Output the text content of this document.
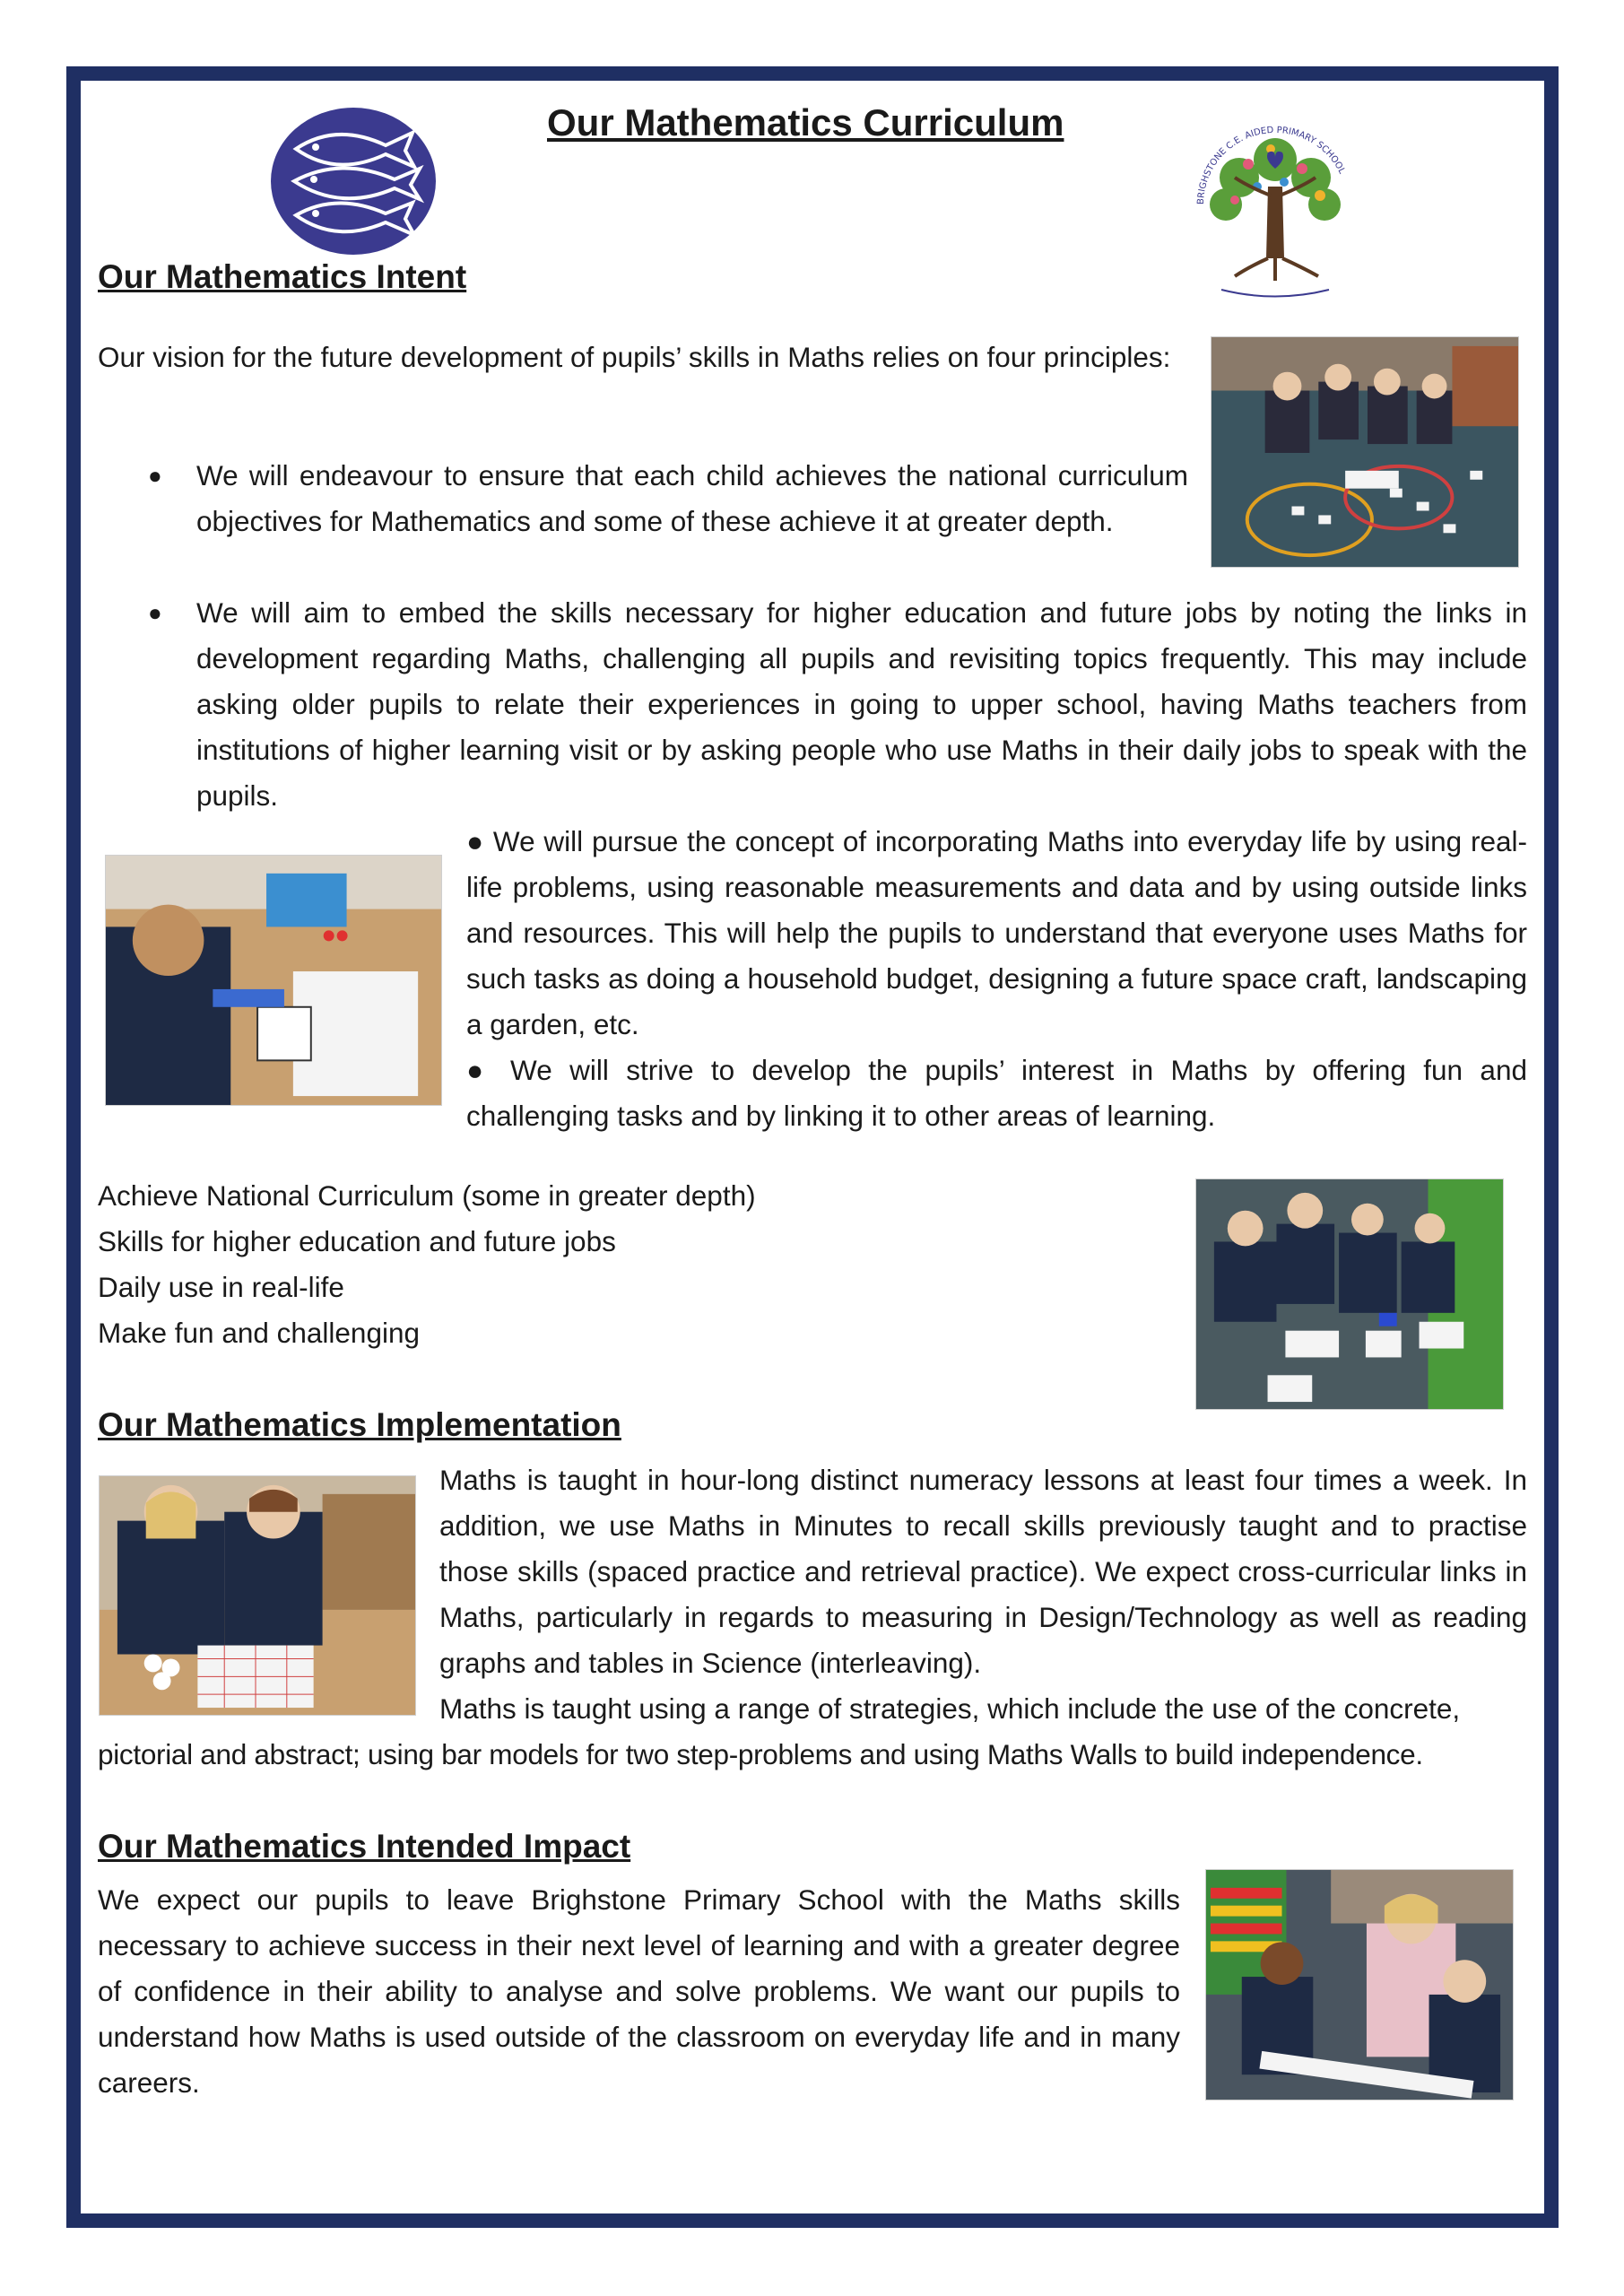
Our Mathematics Curriculum
BRIGHSTONE C.E. AIDED PRIMARY SCHOOL
Our Mathematics Intent
Our vision for the future development of pupils’ skills in Maths relies on four principles:
● We will endeavour to ensure that each child achieves the national curriculum objectives for Mathematics and some of these achieve it at greater depth.
● We will aim to embed the skills necessary for higher education and future jobs by noting the links in development regarding Maths, challenging all pupils and revisiting topics frequently. This may include asking older pupils to relate their experiences in going to upper school, having Maths teachers from institutions of higher learning visit or by asking people who use Maths in their daily jobs to speak with the pupils.
● We will pursue the concept of incorporating Maths into everyday life by using real-life problems, using reasonable measurements and data and by using outside links and resources. This will help the pupils to understand that everyone uses Maths for such tasks as doing a household budget, designing a future space craft, landscaping a garden, etc.
● We will strive to develop the pupils’ interest in Maths by offering fun and challenging tasks and by linking it to other areas of learning.
Achieve National Curriculum (some in greater depth)
Skills for higher education and future jobs
Daily use in real-life
Make fun and challenging
Our Mathematics Implementation
Maths is taught in hour-long distinct numeracy lessons at least four times a week. In addition, we use Maths in Minutes to recall skills previously taught and to practise those skills (spaced practice and retrieval practice). We expect cross-curricular links in Maths, particularly in regards to measuring in Design/Technology as well as reading graphs and tables in Science (interleaving).
Maths is taught using a range of strategies, which include the use of the concrete,
pictorial and abstract; using bar models for two step-problems and using Maths Walls to build independence.
Our Mathematics Intended Impact
We expect our pupils to leave Brighstone Primary School with the Maths skills necessary to achieve success in their next level of learning and with a greater degree of confidence in their ability to analyse and solve problems. We want our pupils to understand how Maths is used outside of the classroom on everyday life and in many careers.
